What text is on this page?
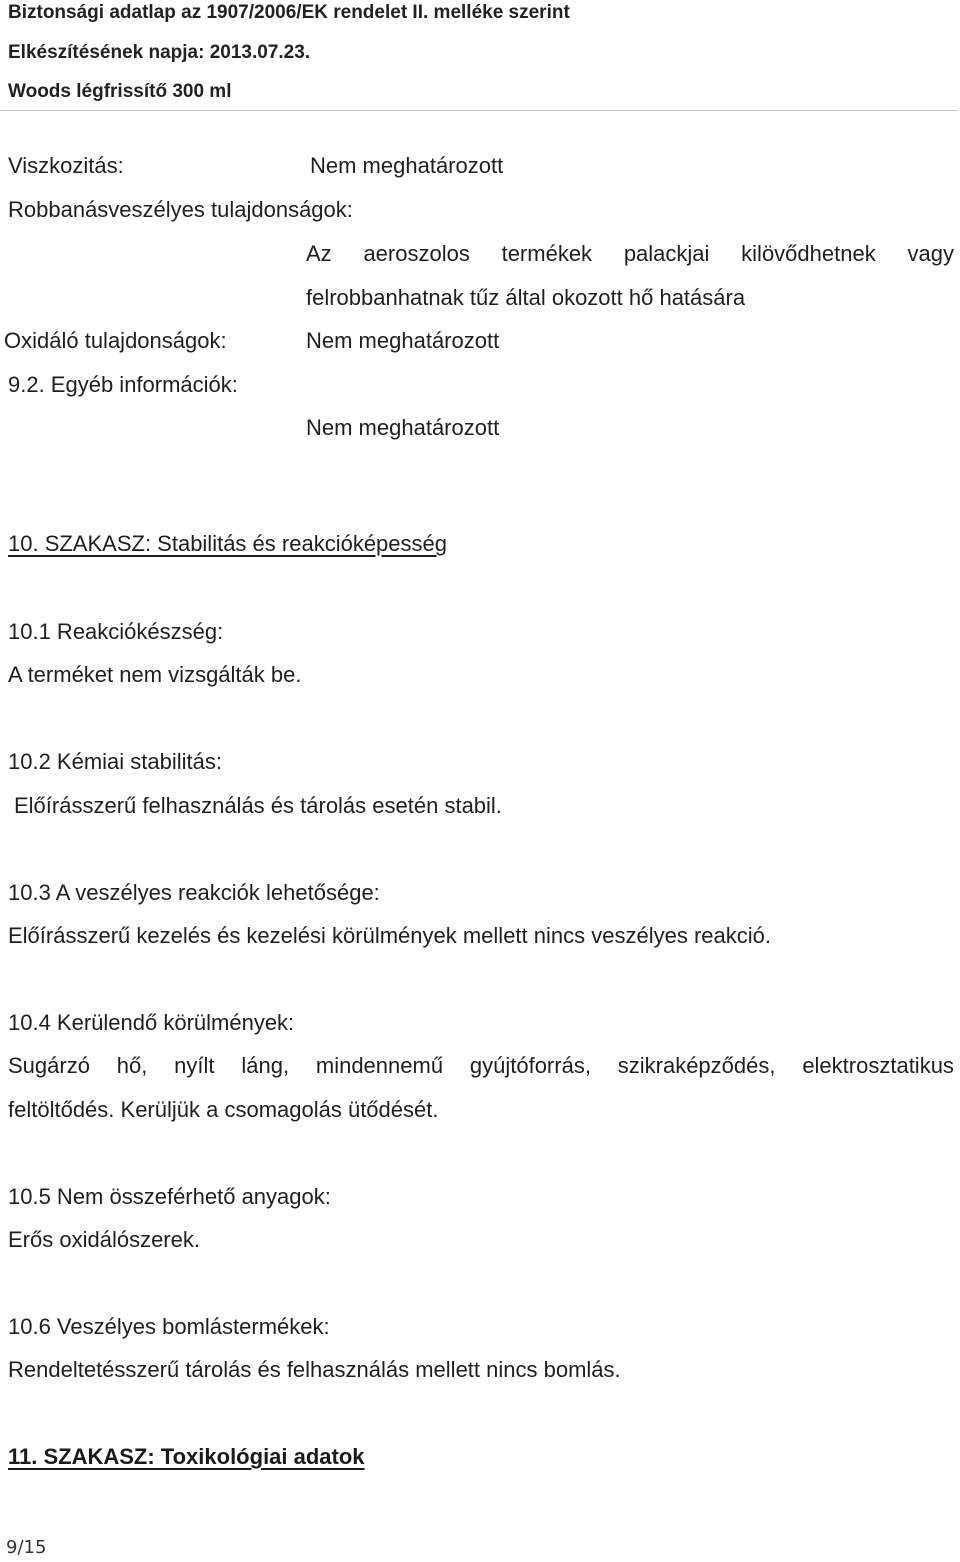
Biztonsági adatlap az 1907/2006/EK rendelet II. melléke szerint
Elkészítésének napja: 2013.07.23.
Woods légfrissítő 300 ml
Viszkozitás:	Nem meghatározott
Robbanásveszélyes tulajdonságok:
Az aeroszolos termékek palackjai kilövődhetnek vagy
felrobbanhatnak tűz által okozott hő hatására
Oxidáló tulajdonságok:	Nem meghatározott
9.2. Egyéb információk:
Nem meghatározott
10. SZAKASZ: Stabilitás és reakcióképesség
10.1 Reakciókészség:
A terméket nem vizsgálták be.
10.2 Kémiai stabilitás:
Előírásszerű felhasználás és tárolás esetén stabil.
10.3 A veszélyes reakciók lehetősége:
Előírásszerű kezelés és kezelési körülmények mellett nincs veszélyes reakció.
10.4 Kerülendő körülmények:
Sugárzó hő, nyílt láng, mindennemű gyújtóforrás, szikraképződés, elektrosztatikus
feltöltődés. Kerüljük a csomagolás ütődését.
10.5 Nem összeférhető anyagok:
Erős oxidálószerek.
10.6 Veszélyes bomlástermékek:
Rendeltetésszerű tárolás és felhasználás mellett nincs bomlás.
11. SZAKASZ: Toxikológiai adatok
9/15
